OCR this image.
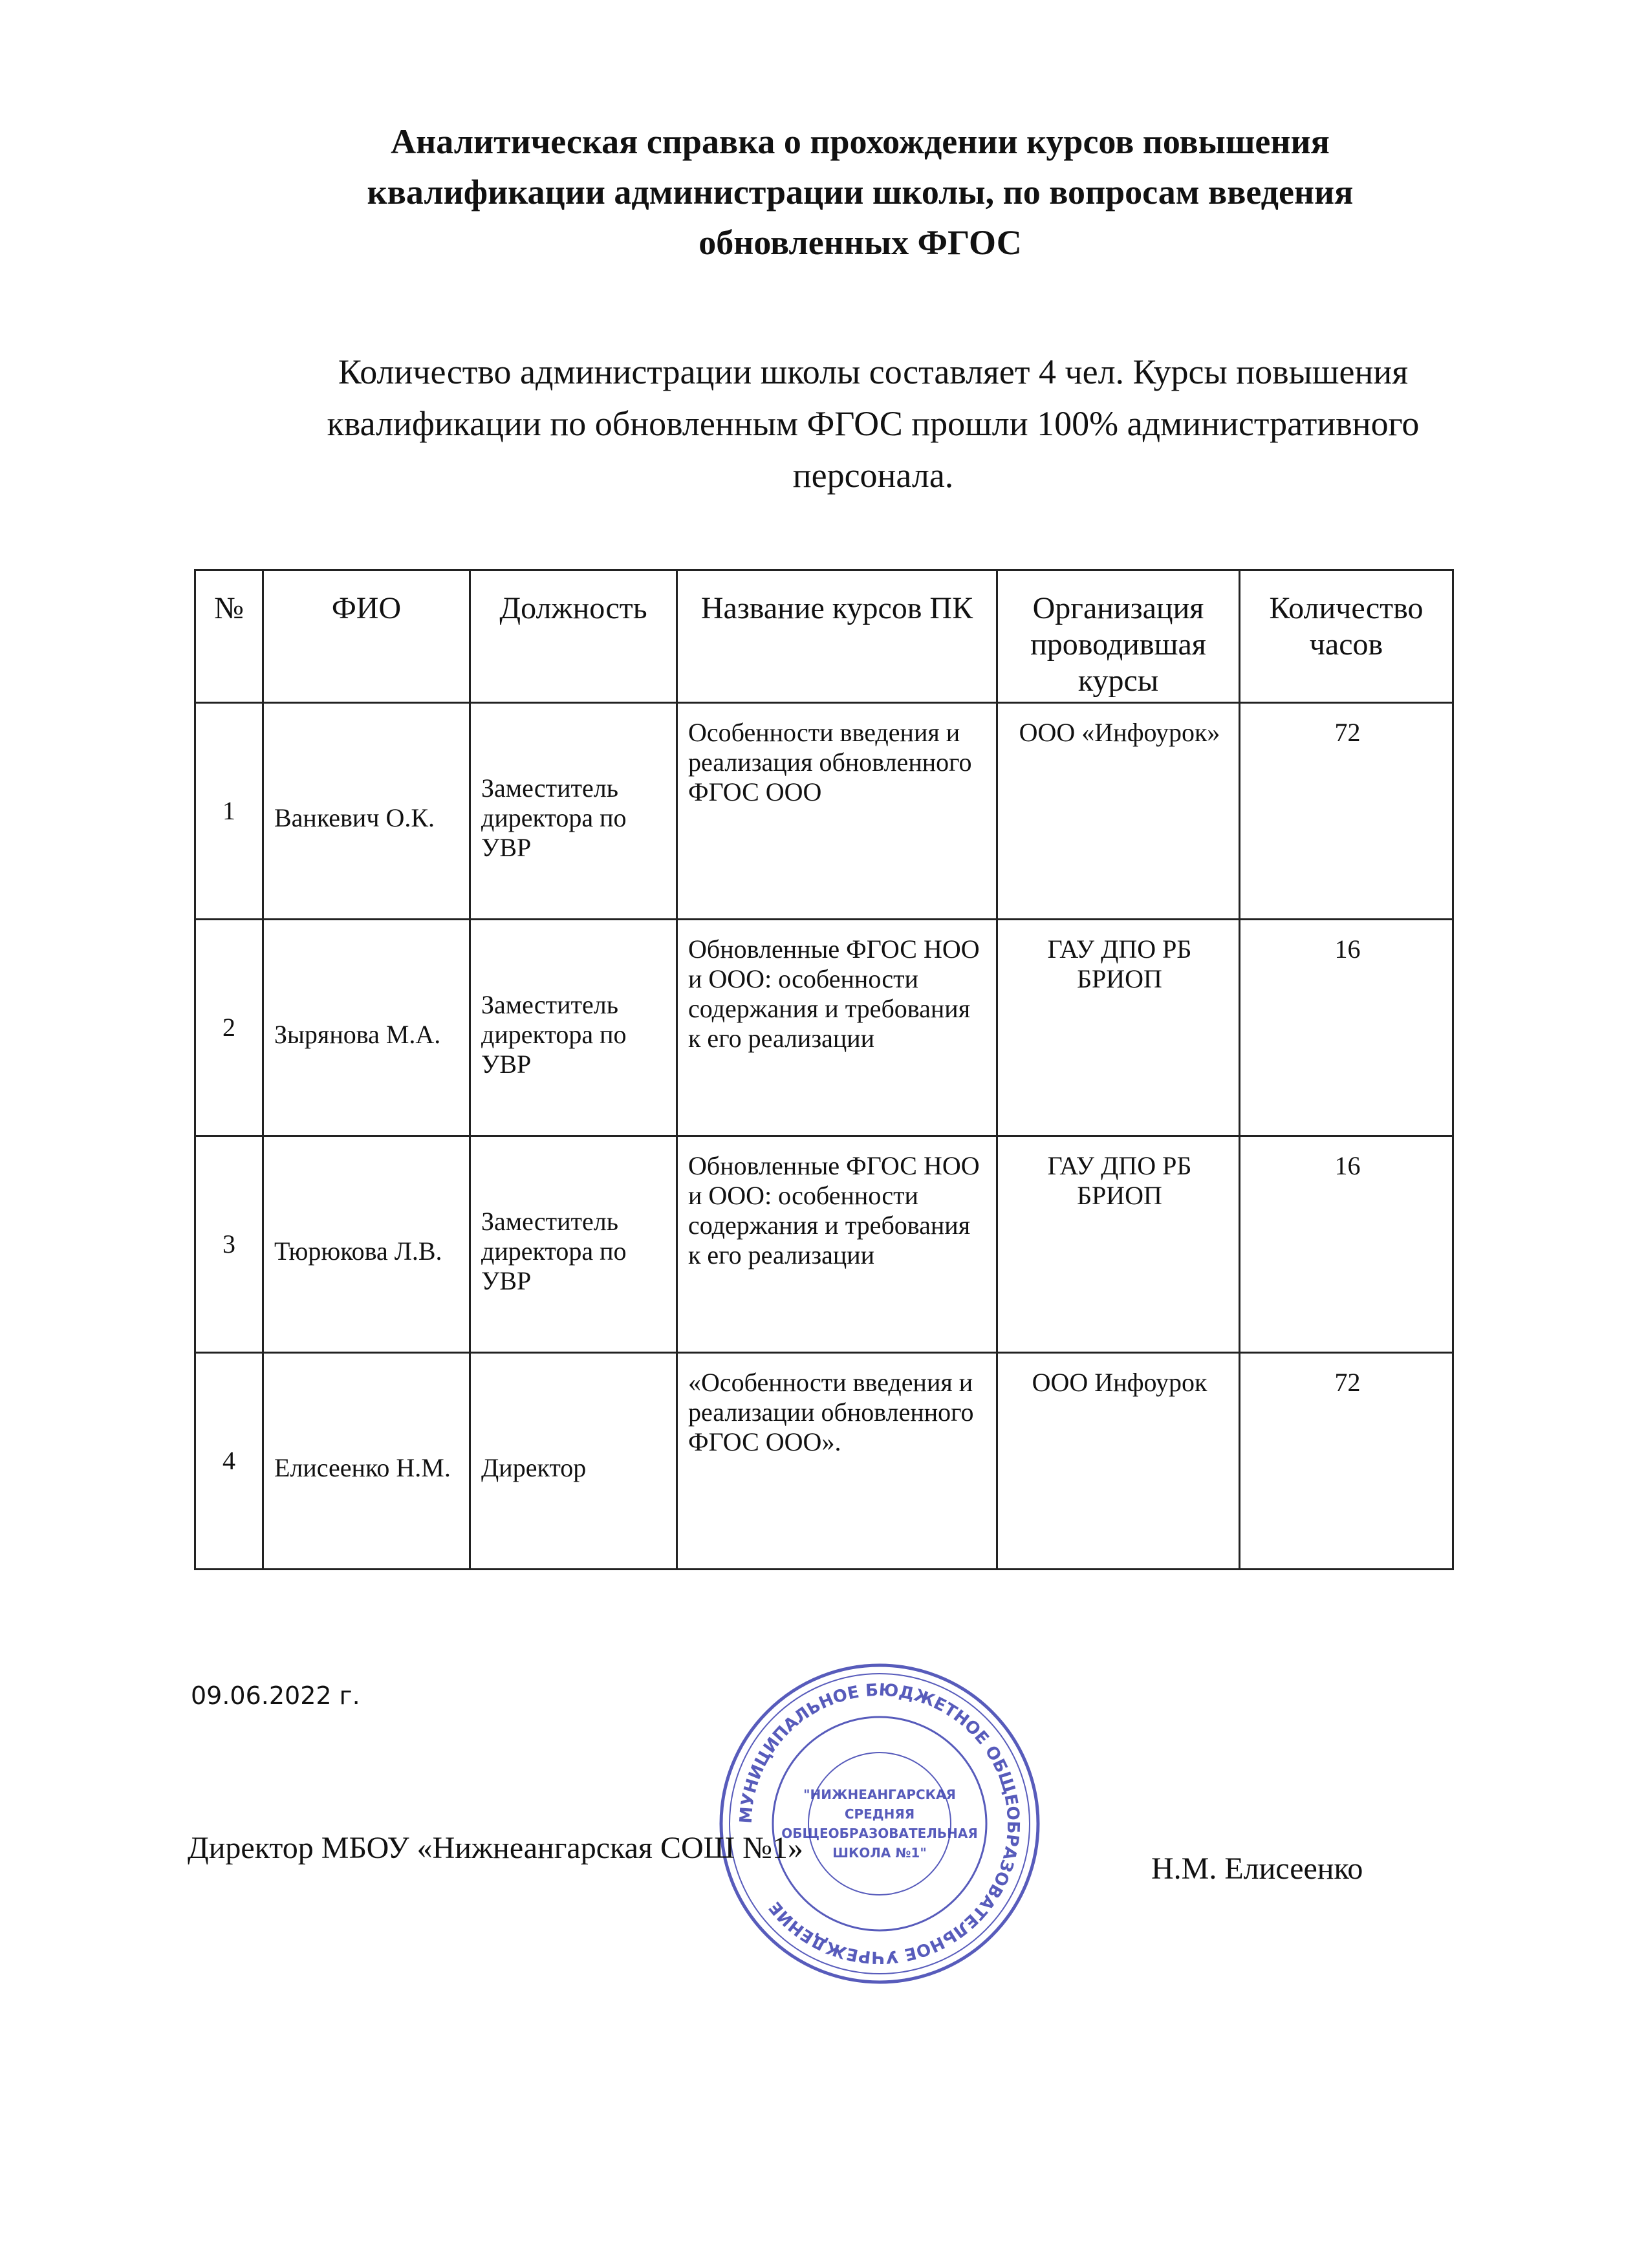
Аналитическая справка о прохождении курсов повышения
квалификации администрации школы, по вопросам введения
обновленных ФГОС
Количество администрации школы составляет 4 чел. Курсы повышения
квалификации по обновленным ФГОС прошли 100% административного
персонала.
№	ФИО	Должность	Название курсов ПК	Организация проводившая курсы	Количество часов
1	Ванкевич О.К.	Заместитель директора по УВР	Особенности введения и реализация обновленного ФГОС ООО	ООО «Инфоурок»	72
2	Зырянова М.А.	Заместитель директора по УВР	Обновленные ФГОС НОО и ООО: особенности содержания и требования к его реализации	ГАУ ДПО РБ БРИОП	16
3	Тюрюкова Л.В.	Заместитель директора по УВР	Обновленные ФГОС НОО и ООО: особенности содержания и требования к его реализации	ГАУ ДПО РБ БРИОП	16
4	Елисеенко Н.М.	Директор	«Особенности введения и реализации обновленного ФГОС ООО».	ООО Инфоурок	72
09.06.2022 г.
МУНИЦИПАЛЬНОЕ БЮДЖЕТНОЕ ОБЩЕОБРАЗОВАТЕЛЬНОЕ УЧРЕЖДЕНИЕ
"НИЖНЕАНГАРСКАЯ
СРЕДНЯЯ
ОБЩЕОБРАЗОВАТЕЛЬНАЯ
ШКОЛА №1"
Директор МБОУ «Нижнеангарская СОШ №1»
Н.М. Елисеенко
